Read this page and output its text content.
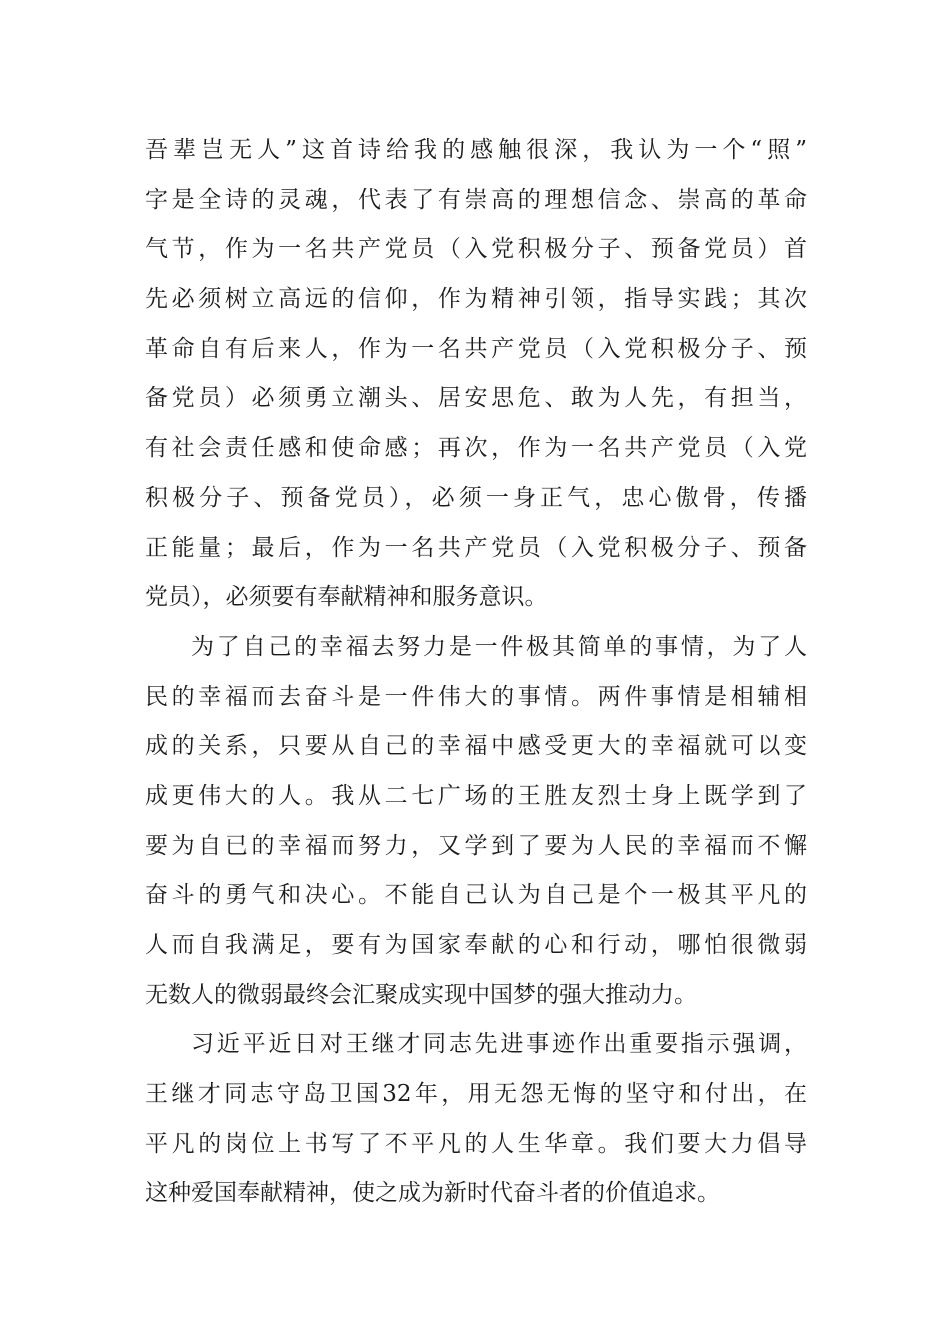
吾辈岂无人”这首诗给我的感触很深，我认为一个“照”
字是全诗的灵魂，代表了有崇高的理想信念、崇高的革命
气节，作为一名共产党员（入党积极分子、预备党员）首
先必须树立高远的信仰，作为精神引领，指导实践；其次
革命自有后来人，作为一名共产党员（入党积极分子、预
备党员）必须勇立潮头、居安思危、敢为人先，有担当，
有社会责任感和使命感；再次，作为一名共产党员（入党
积极分子、预备党员），必须一身正气，忠心傲骨，传播
正能量；最后，作为一名共产党员（入党积极分子、预备
党员），必须要有奉献精神和服务意识。
为了自己的幸福去努力是一件极其简单的事情，为了人
民的幸福而去奋斗是一件伟大的事情。两件事情是相辅相
成的关系，只要从自己的幸福中感受更大的幸福就可以变
成更伟大的人。我从二七广场的王胜友烈士身上既学到了
要为自已的幸福而努力，又学到了要为人民的幸福而不懈
奋斗的勇气和决心。不能自己认为自己是个一极其平凡的
人而自我满足，要有为国家奉献的心和行动，哪怕很微弱
无数人的微弱最终会汇聚成实现中国梦的强大推动力。
习近平近日对王继才同志先进事迹作出重要指示强调，
王继才同志守岛卫国32年，用无怨无悔的坚守和付出，在
平凡的岗位上书写了不平凡的人生华章。我们要大力倡导
这种爱国奉献精神，使之成为新时代奋斗者的价值追求。
